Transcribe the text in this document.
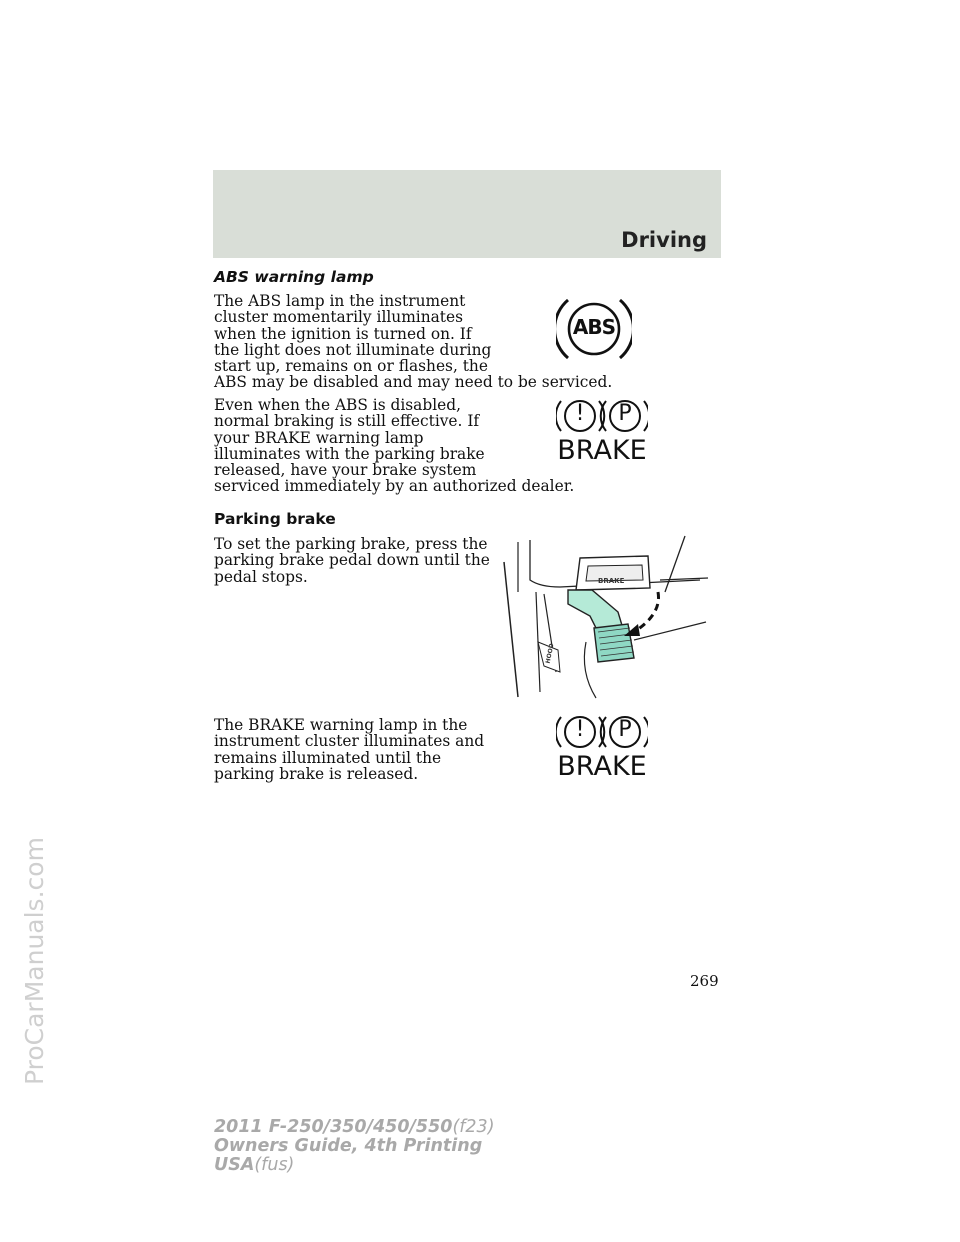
Driving
ProCarManuals.com
ABS warning lamp
The ABS lamp in the instrument
cluster momentarily illuminates
when the ignition is turned on. If
the light does not illuminate during
start up, remains on or flashes, the
ABS may be disabled and may need to be serviced.
ABS
Even when the ABS is disabled,
normal braking is still effective. If
your BRAKE warning lamp
illuminates with the parking brake
released, have your brake system
serviced immediately by an authorized dealer.
!	P
BRAKE
Parking brake
To set the parking brake, press the
parking brake pedal down until the
pedal stops.	BRAKE
HOOD
The BRAKE warning lamp in the
instrument cluster illuminates and
remains illuminated until the
parking brake is released.
!	P
BRAKE
269
2011 F-250/350/450/550(f23)
Owners Guide, 4th Printing
USA(fus)
